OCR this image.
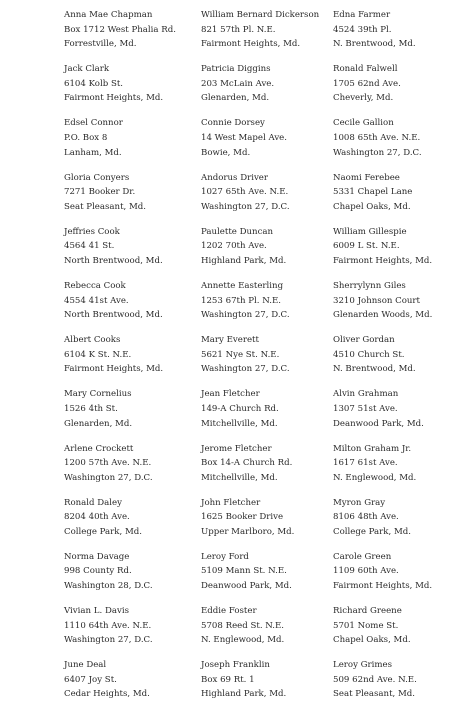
Anna Mae Chapman
Box 1712 West Phalia Rd.
Forrestville, Md.
Jack Clark
6104 Kolb St.
Fairmont Heights, Md.
Edsel Connor
P.O. Box 8
Lanham, Md.
Gloria Conyers
7271 Booker Dr.
Seat Pleasant, Md.
Jeffries Cook
4564 41 St.
North Brentwood, Md.
Rebecca Cook
4554 41st Ave.
North Brentwood, Md.
Albert Cooks
6104 K St. N.E.
Fairmont Heights, Md.
Mary Cornelius
1526 4th St.
Glenarden, Md.
Arlene Crockett
1200 57th Ave. N.E.
Washington 27, D.C.
Ronald Daley
8204 40th Ave.
College Park, Md.
Norma Davage
998 County Rd.
Washington 28, D.C.
Vivian L. Davis
1110 64th Ave. N.E.
Washington 27, D.C.
June Deal
6407 Joy St.
Cedar Heights, Md.
William Bernard Dickerson
821 57th Pl. N.E.
Fairmont Heights, Md.
Patricia Diggins
203 McLain Ave.
Glenarden, Md.
Connie Dorsey
14 West Mapel Ave.
Bowie, Md.
Andorus Driver
1027 65th Ave. N.E.
Washington 27, D.C.
Paulette Duncan
1202 70th Ave.
Highland Park, Md.
Annette Easterling
1253 67th Pl. N.E.
Washington 27, D.C.
Mary Everett
5621 Nye St. N.E.
Washington 27, D.C.
Jean Fletcher
149-A Church Rd.
Mitchellville, Md.
Jerome Fletcher
Box 14-A Church Rd.
Mitchellville, Md.
John Fletcher
1625 Booker Drive
Upper Marlboro, Md.
Leroy Ford
5109 Mann St. N.E.
Deanwood Park, Md.
Eddie Foster
5708 Reed St. N.E.
N. Englewood, Md.
Joseph Franklin
Box 69 Rt. 1
Highland Park, Md.
Edna Farmer
4524 39th Pl.
N. Brentwood, Md.
Ronald Falwell
1705 62nd Ave.
Cheverly, Md.
Cecile Gallion
1008 65th Ave. N.E.
Washington 27, D.C.
Naomi Ferebee
5331 Chapel Lane
Chapel Oaks, Md.
William Gillespie
6009 L St. N.E.
Fairmont Heights, Md.
Sherrylynn Giles
3210 Johnson Court
Glenarden Woods, Md.
Oliver Gordan
4510 Church St.
N. Brentwood, Md.
Alvin Grahman
1307 51st Ave.
Deanwood Park, Md.
Milton Graham Jr.
1617 61st Ave.
N. Englewood, Md.
Myron Gray
8106 48th Ave.
College Park, Md.
Carole Green
1109 60th Ave.
Fairmont Heights, Md.
Richard Greene
5701 Nome St.
Chapel Oaks, Md.
Leroy Grimes
509 62nd Ave. N.E.
Seat Pleasant, Md.
